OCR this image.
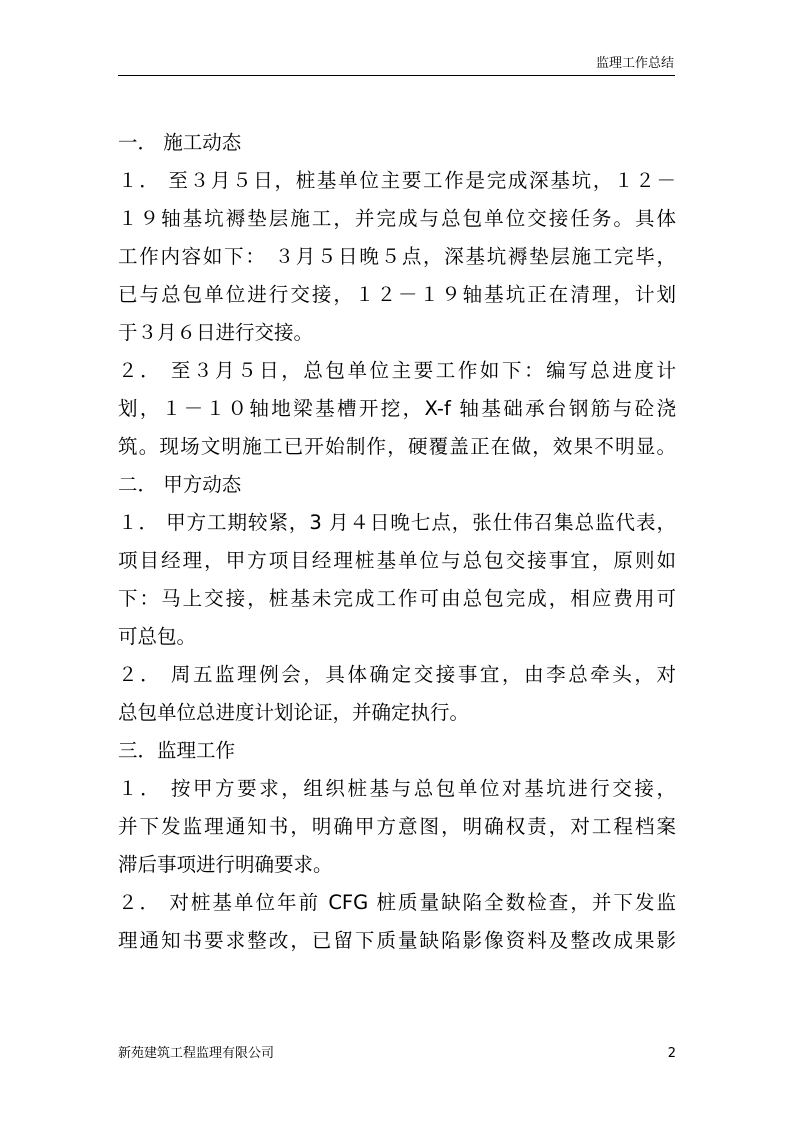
监理工作总结
一． 施工动态
１． 至３月５日，桩基单位主要工作是完成深基坑，１２－
１９轴基坑褥垫层施工，并完成与总包单位交接任务。具体
工作内容如下： ３月５日晚５点，深基坑褥垫层施工完毕，
已与总包单位进行交接，１２－１９轴基坑正在清理，计划
于３月６日进行交接。
２． 至３月５日，总包单位主要工作如下：编写总进度计
划，１－１０轴地梁基槽开挖，X-f 轴基础承台钢筋与砼浇
筑。现场文明施工已开始制作，硬覆盖正在做，效果不明显。
二． 甲方动态
１． 甲方工期较紧，3 月４日晚七点，张仕伟召集总监代表，
项目经理，甲方项目经理桩基单位与总包交接事宜，原则如
下：马上交接，桩基未完成工作可由总包完成，相应费用可
可总包。
２． 周五监理例会，具体确定交接事宜，由李总牵头，对
总包单位总进度计划论证，并确定执行。
三．监理工作
１． 按甲方要求，组织桩基与总包单位对基坑进行交接，
并下发监理通知书，明确甲方意图，明确权责，对工程档案
滞后事项进行明确要求。
２． 对桩基单位年前 CFG 桩质量缺陷全数检查，并下发监
理通知书要求整改，已留下质量缺陷影像资料及整改成果影
新苑建筑工程监理有限公司	2
